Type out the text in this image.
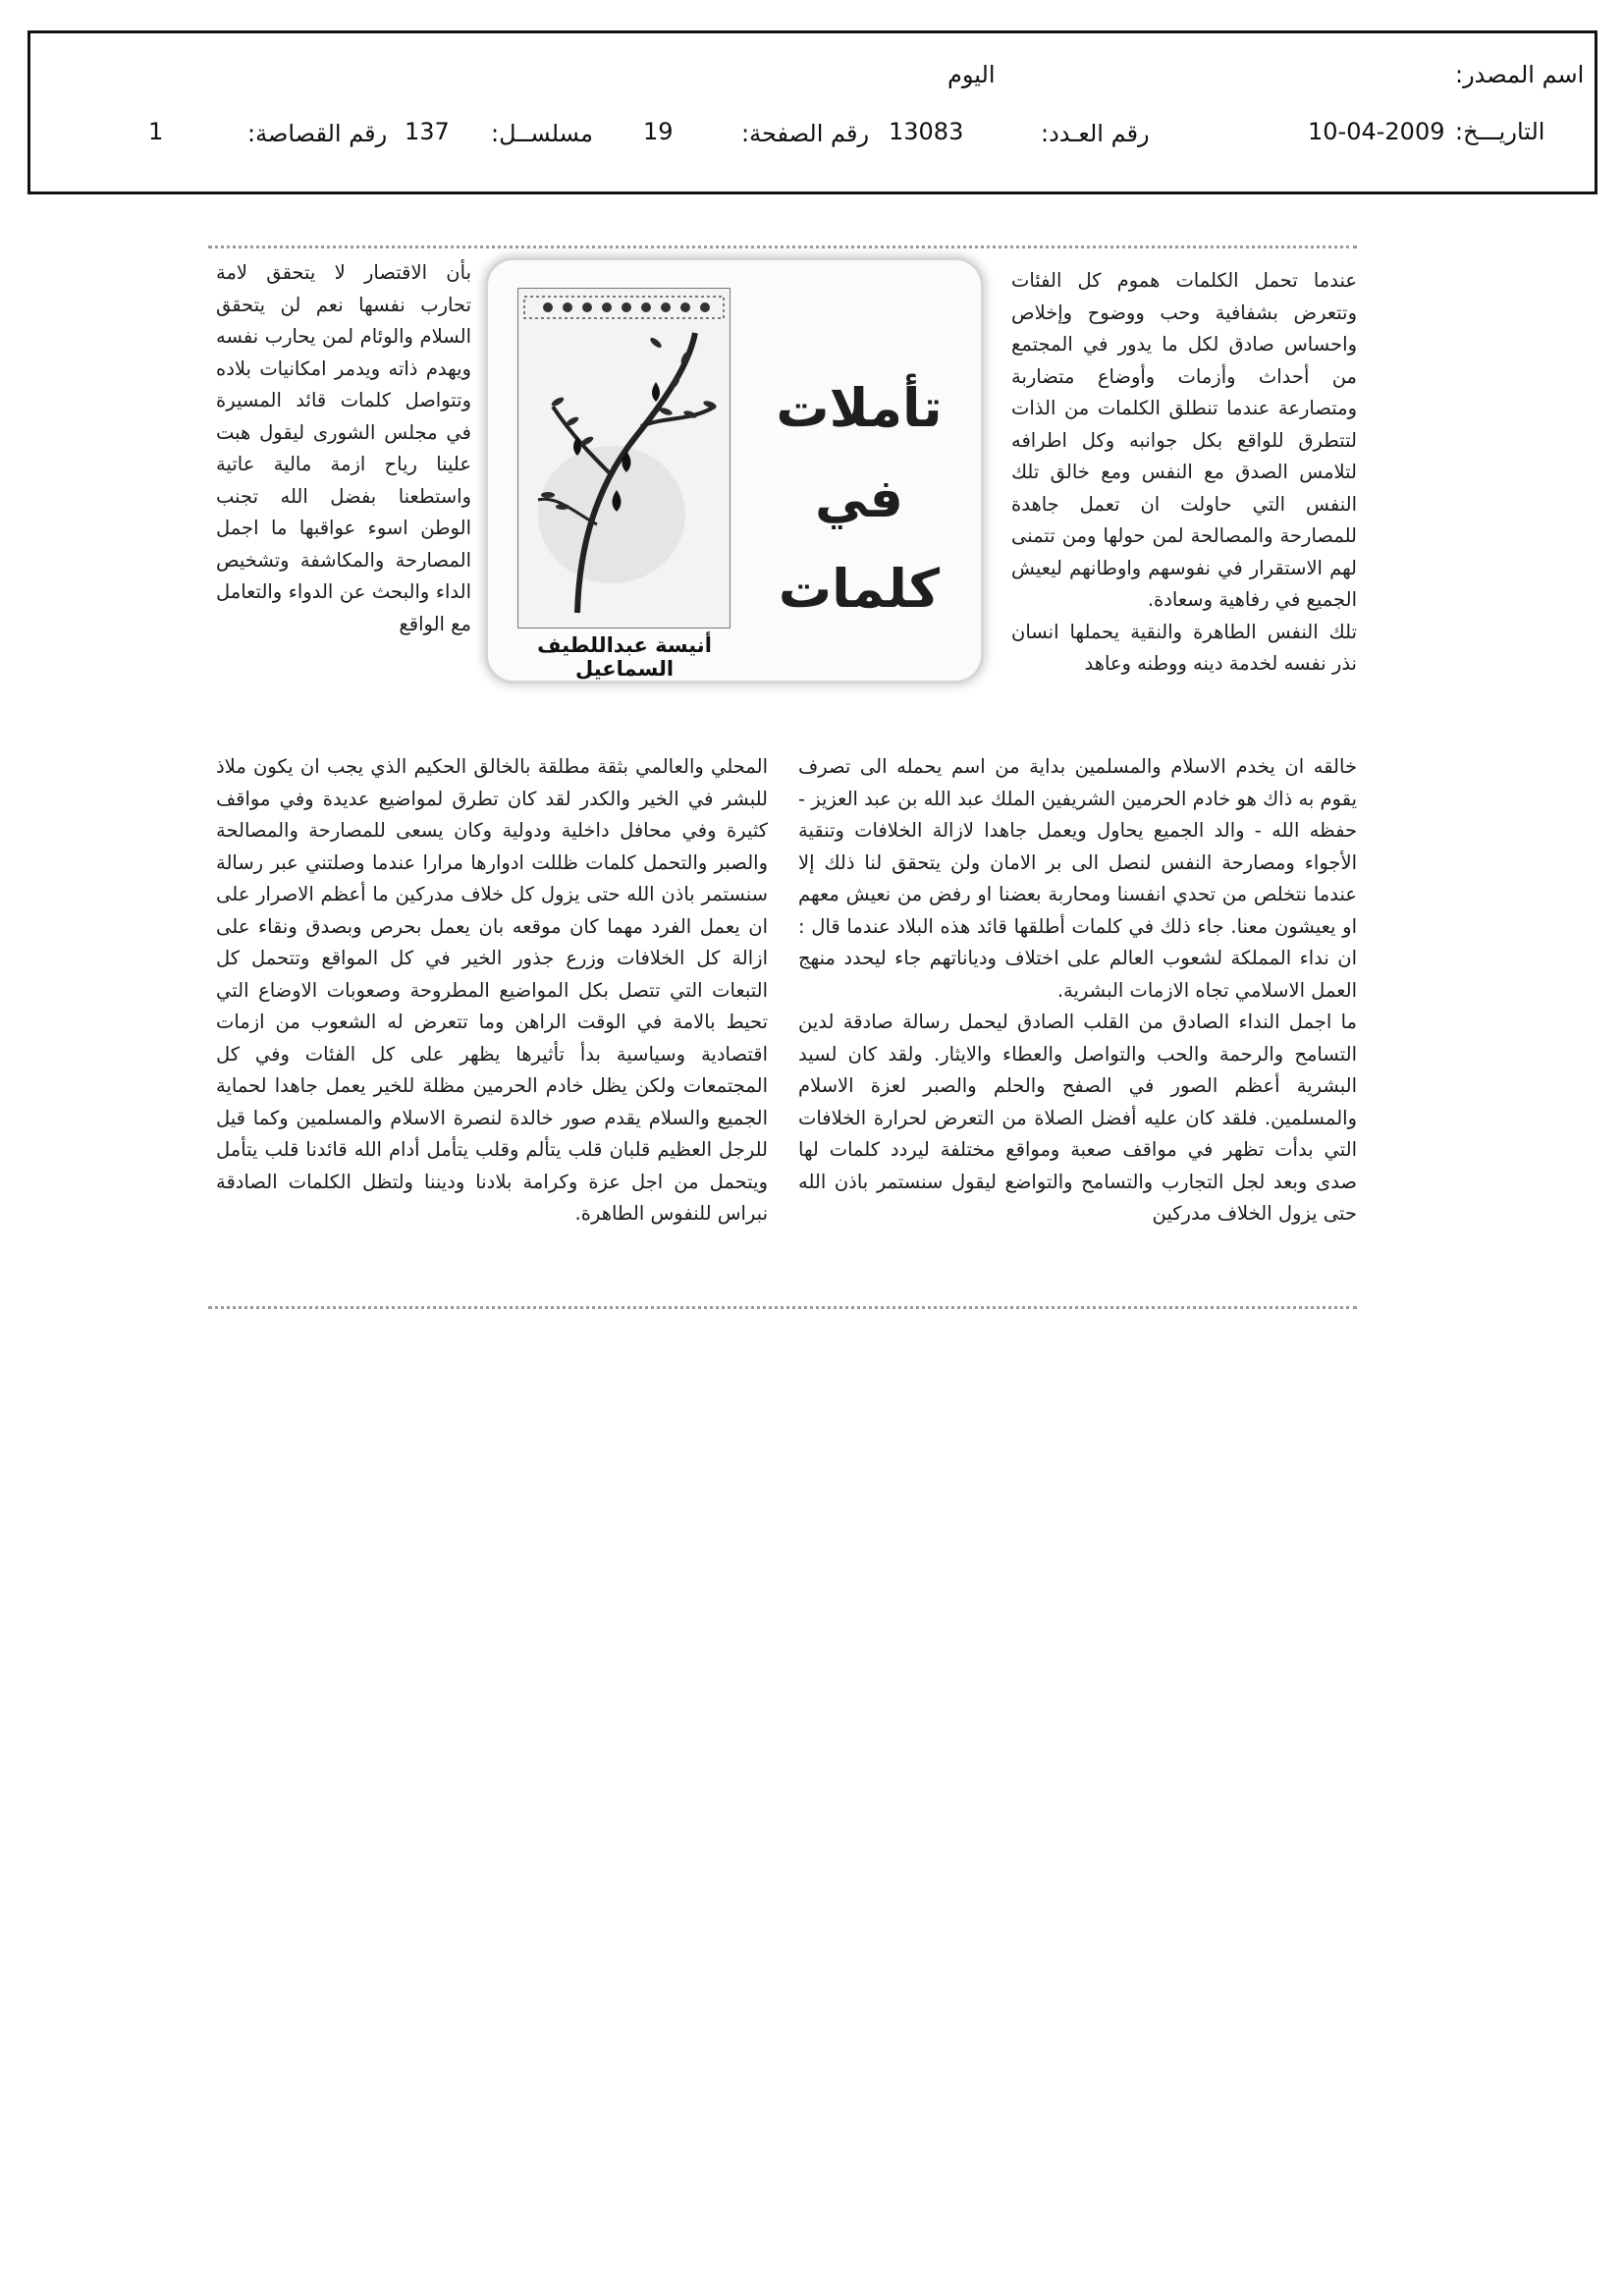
اسم المصدر:
اليوم
التاريـــخ:
10-04-2009
رقم العـدد:
13083
رقم الصفحة:
19
مسلســل:
137
رقم القصاصة:
1

عندما تحمل الكلمات هموم كل الفئات وتتعرض بشفافية وحب ووضوح وإخلاص واحساس صادق لكل ما يدور في المجتمع من أحداث وأزمات وأوضاع متضاربة ومتصارعة عندما تنطلق الكلمات من الذات لتتطرق للواقع بكل جوانبه وكل اطرافه لتلامس الصدق مع النفس ومع خالق تلك النفس التي حاولت ان تعمل جاهدة للمصارحة والمصالحة لمن حولها ومن تتمنى لهم الاستقرار في نفوسهم واوطانهم ليعيش الجميع في رفاهية وسعادة.

تلك النفس الطاهرة والنقية يحملها انسان نذر نفسه لخدمة دينه ووطنه وعاهد

تأملات في كلمات
أنيسة عبداللطيف السماعيل

بأن الاقتصار لا يتحقق لامة تحارب نفسها نعم لن يتحقق السلام والوئام لمن يحارب نفسه ويهدم ذاته ويدمر امكانيات بلاده وتتواصل كلمات قائد المسيرة في مجلس الشورى ليقول هبت علينا رياح ازمة مالية عاتية واستطعنا بفضل الله تجنب الوطن اسوء عواقبها ما اجمل المصارحة والمكاشفة وتشخيص الداء والبحث عن الدواء والتعامل مع الواقع

خالقه ان يخدم الاسلام والمسلمين بداية من اسم يحمله الى تصرف يقوم به ذاك هو خادم الحرمين الشريفين الملك عبد الله بن عبد العزيز - حفظه الله - والد الجميع يحاول ويعمل جاهدا لازالة الخلافات وتنقية الأجواء ومصارحة النفس لنصل الى بر الامان ولن يتحقق لنا ذلك إلا عندما نتخلص من تحدي انفسنا ومحاربة بعضنا او رفض من نعيش معهم او يعيشون معنا. جاء ذلك في كلمات أطلقها قائد هذه البلاد عندما قال : ان نداء المملكة لشعوب العالم على اختلاف ودياناتهم جاء ليحدد منهج العمل الاسلامي تجاه الازمات البشرية.

ما اجمل النداء الصادق من القلب الصادق ليحمل رسالة صادقة لدين التسامح والرحمة والحب والتواصل والعطاء والايثار. ولقد كان لسيد البشرية أعظم الصور في الصفح والحلم والصبر لعزة الاسلام والمسلمين. فلقد كان عليه أفضل الصلاة من التعرض لحرارة الخلافات التي بدأت تظهر في مواقف صعبة ومواقع مختلفة ليردد كلمات لها صدى وبعد لجل التجارب والتسامح والتواضع ليقول سنستمر باذن الله حتى يزول الخلاف مدركين

المحلي والعالمي بثقة مطلقة بالخالق الحكيم الذي يجب ان يكون ملاذ للبشر في الخير والكدر لقد كان تطرق لمواضيع عديدة وفي مواقف كثيرة وفي محافل داخلية ودولية وكان يسعى للمصارحة والمصالحة والصبر والتحمل كلمات ظللت ادوارها مرارا عندما وصلتني عبر رسالة سنستمر باذن الله حتى يزول كل خلاف مدركين ما أعظم الاصرار على ان يعمل الفرد مهما كان موقعه بان يعمل بحرص وبصدق ونقاء على ازالة كل الخلافات وزرع جذور الخير في كل المواقع وتتحمل كل التبعات التي تتصل بكل المواضيع المطروحة وصعوبات الاوضاع التي تحيط بالامة في الوقت الراهن وما تتعرض له الشعوب من ازمات اقتصادية وسياسية بدأ تأثيرها يظهر على كل الفئات وفي كل المجتمعات ولكن يظل خادم الحرمين مظلة للخير يعمل جاهدا لحماية الجميع والسلام يقدم صور خالدة لنصرة الاسلام والمسلمين وكما قيل للرجل العظيم قلبان قلب يتألم وقلب يتأمل أدام الله قائدنا قلب يتأمل ويتحمل من اجل عزة وكرامة بلادنا وديننا ولتظل الكلمات الصادقة نبراس للنفوس الطاهرة.
